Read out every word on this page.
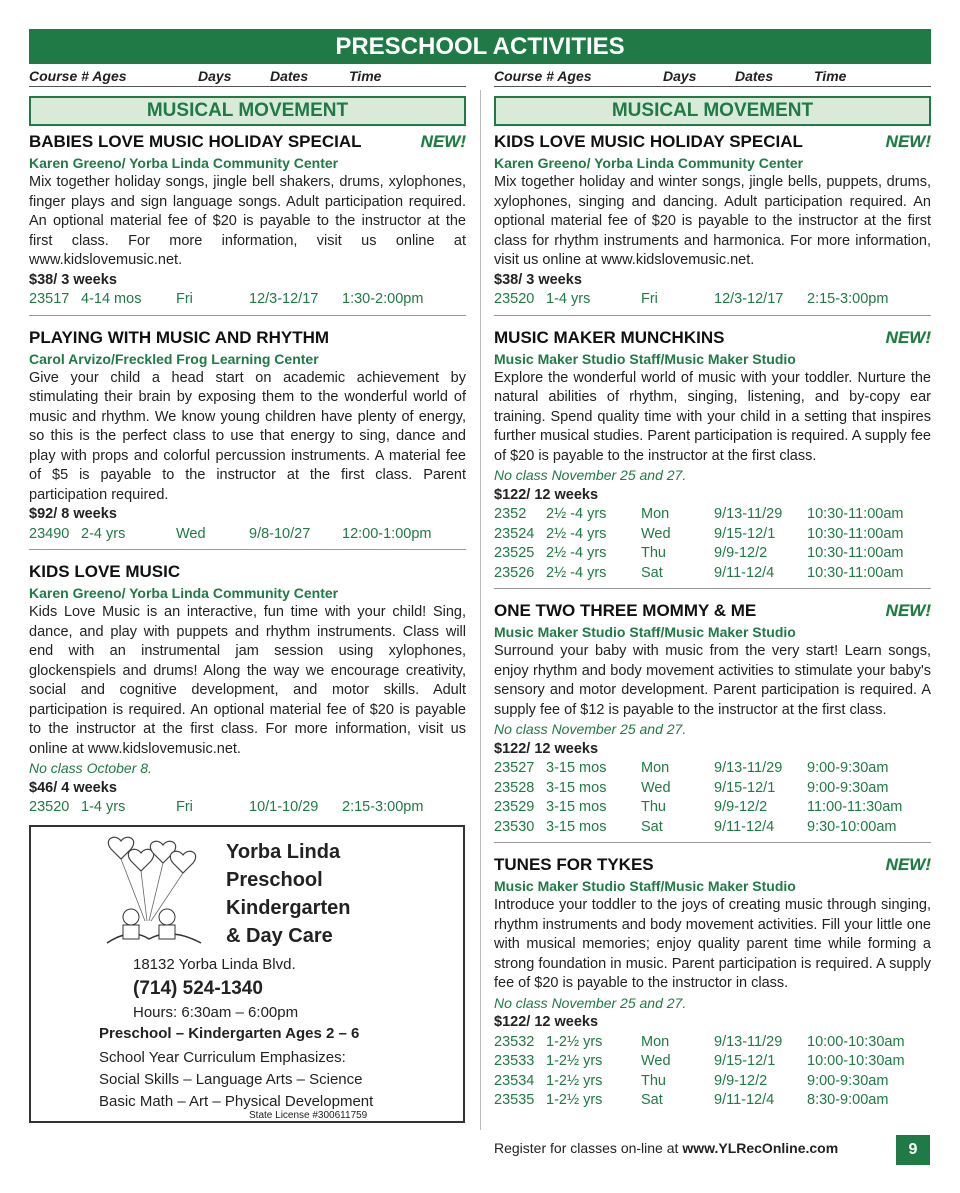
PRESCHOOL ACTIVITIES
Course # Ages	Days	Dates	Time	Course # Ages	Days	Dates	Time
MUSICAL MOVEMENT
BABIES LOVE MUSIC HOLIDAY SPECIAL	NEW!
Karen Greeno/ Yorba Linda Community Center
Mix together holiday songs, jingle bell shakers, drums, xylophones, finger plays and sign language songs. Adult participation required. An optional material fee of $20 is payable to the instructor at the first class. For more information, visit us online at www.kidslovemusic.net.
$38/ 3 weeks
23517 4-14 mos Fri	12/3-12/17 1:30-2:00pm
PLAYING WITH MUSIC AND RHYTHM
Carol Arvizo/Freckled Frog Learning Center
Give your child a head start on academic achievement by stimulating their brain by exposing them to the wonderful world of music and rhythm. We know young children have plenty of energy, so this is the perfect class to use that energy to sing, dance and play with props and colorful percussion instruments. A material fee of $5 is payable to the instructor at the first class. Parent participation required.
$92/ 8 weeks
23490 2-4 yrs	Wed	9/8-10/27 12:00-1:00pm
KIDS LOVE MUSIC
Karen Greeno/ Yorba Linda Community Center
Kids Love Music is an interactive, fun time with your child! Sing, dance, and play with puppets and rhythm instruments. Class will end with an instrumental jam session using xylophones, glockenspiels and drums! Along the way we encourage creativity, social and cognitive development, and motor skills. Adult participation is required. An optional material fee of $20 is payable to the instructor at the first class. For more information, visit us online at www.kidslovemusic.net.
No class October 8.
$46/ 4 weeks
23520 1-4 yrs	Fri	10/1-10/29 2:15-3:00pm
MUSICAL MOVEMENT
KIDS LOVE MUSIC HOLIDAY SPECIAL	NEW!
Karen Greeno/ Yorba Linda Community Center
Mix together holiday and winter songs, jingle bells, puppets, drums, xylophones, singing and dancing. Adult participation required. An optional material fee of $20 is payable to the instructor at the first class for rhythm instruments and harmonica. For more information, visit us online at www.kidslovemusic.net.
$38/ 3 weeks
23520 1-4 yrs	Fri	12/3-12/17 2:15-3:00pm
MUSIC MAKER MUNCHKINS	NEW!
Music Maker Studio Staff/Music Maker Studio
Explore the wonderful world of music with your toddler. Nurture the natural abilities of rhythm, singing, listening, and by-copy ear training. Spend quality time with your child in a setting that inspires further musical studies. Parent participation is required. A supply fee of $20 is payable to the instructor at the first class.
No class November 25 and 27.
$122/ 12 weeks
2352 2½ -4 yrs Mon	9/13-11/29 10:30-11:00am
23524 2½ -4 yrs Wed	9/15-12/1 10:30-11:00am
23525 2½ -4 yrs Thu	9/9-12/2	10:30-11:00am
23526 2½ -4 yrs Sat	9/11-12/4 10:30-11:00am
ONE TWO THREE MOMMY & ME	NEW!
Music Maker Studio Staff/Music Maker Studio
Surround your baby with music from the very start! Learn songs, enjoy rhythm and body movement activities to stimulate your baby's sensory and motor development. Parent participation is required. A supply fee of $12 is payable to the instructor at the first class.
No class November 25 and 27.
$122/ 12 weeks
23527 3-15 mos Mon	9/13-11/29 9:00-9:30am
23528 3-15 mos Wed	9/15-12/1 9:00-9:30am
23529 3-15 mos Thu	9/9-12/2	11:00-11:30am
23530 3-15 mos Sat	9/11-12/4 9:30-10:00am
TUNES FOR TYKES	NEW!
Music Maker Studio Staff/Music Maker Studio
Introduce your toddler to the joys of creating music through singing, rhythm instruments and body movement activities. Fill your little one with musical memories; enjoy quality parent time while forming a strong foundation in music. Parent participation is required. A supply fee of $20 is payable to the instructor in class.
No class November 25 and 27.
$122/ 12 weeks
23532 1-2½ yrs	Mon	9/13-11/29 10:00-10:30am
23533 1-2½ yrs	Wed	9/15-12/1 10:00-10:30am
23534 1-2½ yrs	Thu	9/9-12/2	9:00-9:30am
23535 1-2½ yrs	Sat	9/11-12/4 8:30-9:00am
Yorba Linda
Preschool
Kindergarten
& Day Care
18132 Yorba Linda Blvd.
(714) 524-1340
Hours: 6:30am – 6:00pm
Preschool – Kindergarten Ages 2 – 6
School Year Curriculum Emphasizes:
Social Skills – Language Arts – Science
Basic Math – Art – Physical Development
State License #300611759
Register for classes on-line at www.YLRecOnline.com	9
